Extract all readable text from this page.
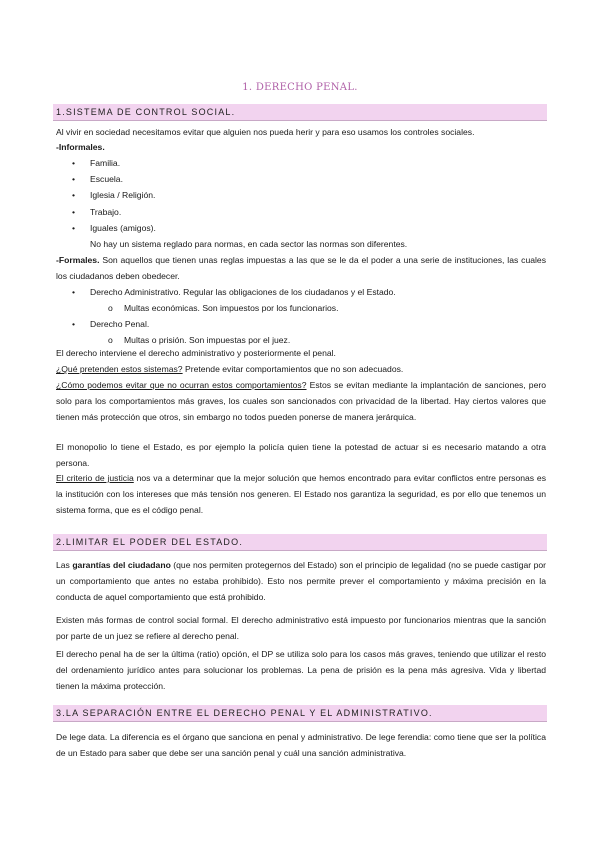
1. DERECHO PENAL.
1.SISTEMA DE CONTROL SOCIAL.

Al vivir en sociedad necesitamos evitar que alguien nos pueda herir y para eso usamos los controles sociales.

-Informales.

• Familia.
• Escuela.
• Iglesia / Religión.
• Trabajo.
• Iguales (amigos).

No hay un sistema reglado para normas, en cada sector las normas son diferentes.

-Formales. Son aquellos que tienen unas reglas impuestas a las que se le da el poder a una serie de instituciones, las cuales los ciudadanos deben obedecer.

• Derecho Administrativo. Regular las obligaciones de los ciudadanos y el Estado.
o Multas económicas. Son impuestos por los funcionarios.
• Derecho Penal.
o Multas o prisión. Son impuestas por el juez.

El derecho interviene el derecho administrativo y posteriormente el penal.

¿Qué pretenden estos sistemas? Pretende evitar comportamientos que no son adecuados.

¿Cómo podemos evitar que no ocurran estos comportamientos? Estos se evitan mediante la implantación de sanciones, pero solo para los comportamientos más graves, los cuales son sancionados con privacidad de la libertad. Hay ciertos valores que tienen más protección que otros, sin embargo no todos pueden ponerse de manera jerárquica.

El monopolio lo tiene el Estado, es por ejemplo la policía quien tiene la potestad de actuar si es necesario matando a otra persona.

El criterio de justicia nos va a determinar que la mejor solución que hemos encontrado para evitar conflictos entre personas es la institución con los intereses que más tensión nos generen. El Estado nos garantiza la seguridad, es por ello que tenemos un sistema forma, que es el código penal.

2.LIMITAR EL PODER DEL ESTADO.

Las garantías del ciudadano (que nos permiten protegernos del Estado) son el principio de legalidad (no se puede castigar por un comportamiento que antes no estaba prohibido). Esto nos permite prever el comportamiento y máxima precisión en la conducta de aquel comportamiento que está prohibido.

Existen más formas de control social formal. El derecho administrativo está impuesto por funcionarios mientras que la sanción por parte de un juez se refiere al derecho penal.

El derecho penal ha de ser la última (ratio) opción, el DP se utiliza solo para los casos más graves, teniendo que utilizar el resto del ordenamiento jurídico antes para solucionar los problemas. La pena de prisión es la pena más agresiva. Vida y libertad tienen la máxima protección.

3.LA SEPARACIÓN ENTRE EL DERECHO PENAL Y EL ADMINISTRATIVO.

De lege data. La diferencia es el órgano que sanciona en penal y administrativo. De lege ferendia: como tiene que ser la política de un Estado para saber que debe ser una sanción penal y cuál una sanción administrativa.
